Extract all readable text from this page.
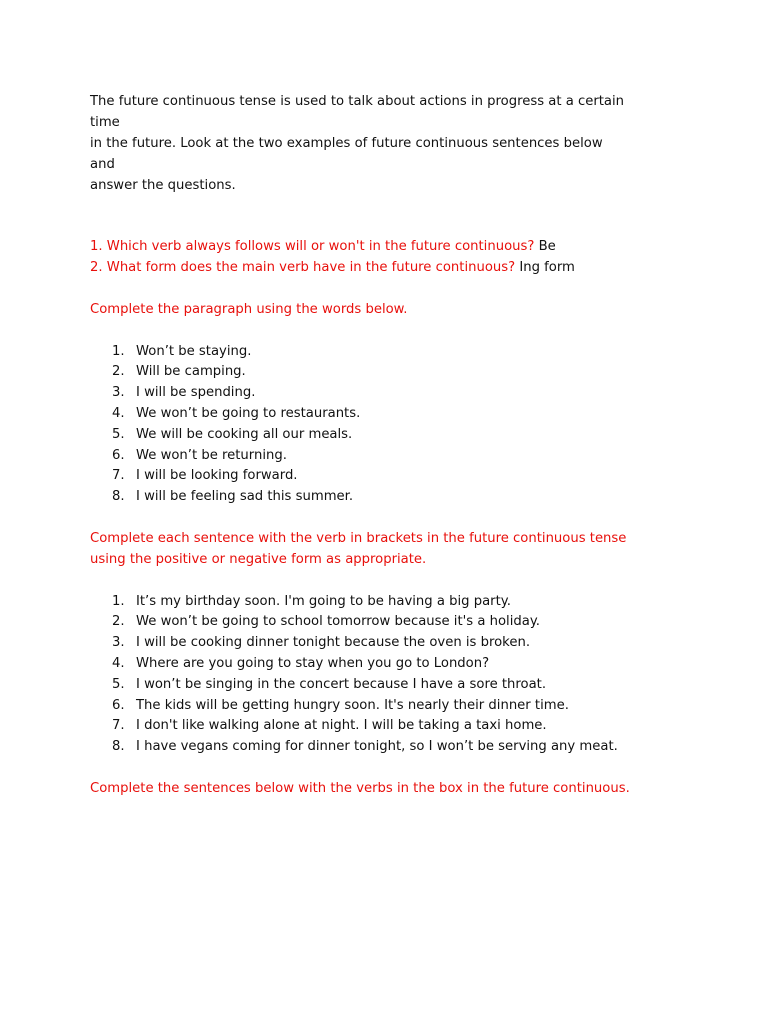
The future continuous tense is used to talk about actions in progress at a certain
time
in the future. Look at the two examples of future continuous sentences below
and
answer the questions.
1. Which verb always follows will or won't in the future continuous? Be
2. What form does the main verb have in the future continuous? Ing form
Complete the paragraph using the words below.
1. Won’t be staying.
2. Will be camping.
3. I will be spending.
4. We won’t be going to restaurants.
5. We will be cooking all our meals.
6. We won’t be returning.
7. I will be looking forward.
8. I will be feeling sad this summer.
Complete each sentence with the verb in brackets in the future continuous tense
using the positive or negative form as appropriate.
1. It’s my birthday soon. I'm going to be having a big party.
2. We won’t be going to school tomorrow because it's a holiday.
3. I will be cooking dinner tonight because the oven is broken.
4. Where are you going to stay when you go to London?
5. I won’t be singing in the concert because I have a sore throat.
6. The kids will be getting hungry soon. It's nearly their dinner time.
7. I don't like walking alone at night. I will be taking a taxi home.
8. I have vegans coming for dinner tonight, so I won’t be serving any meat.
Complete the sentences below with the verbs in the box in the future continuous.
